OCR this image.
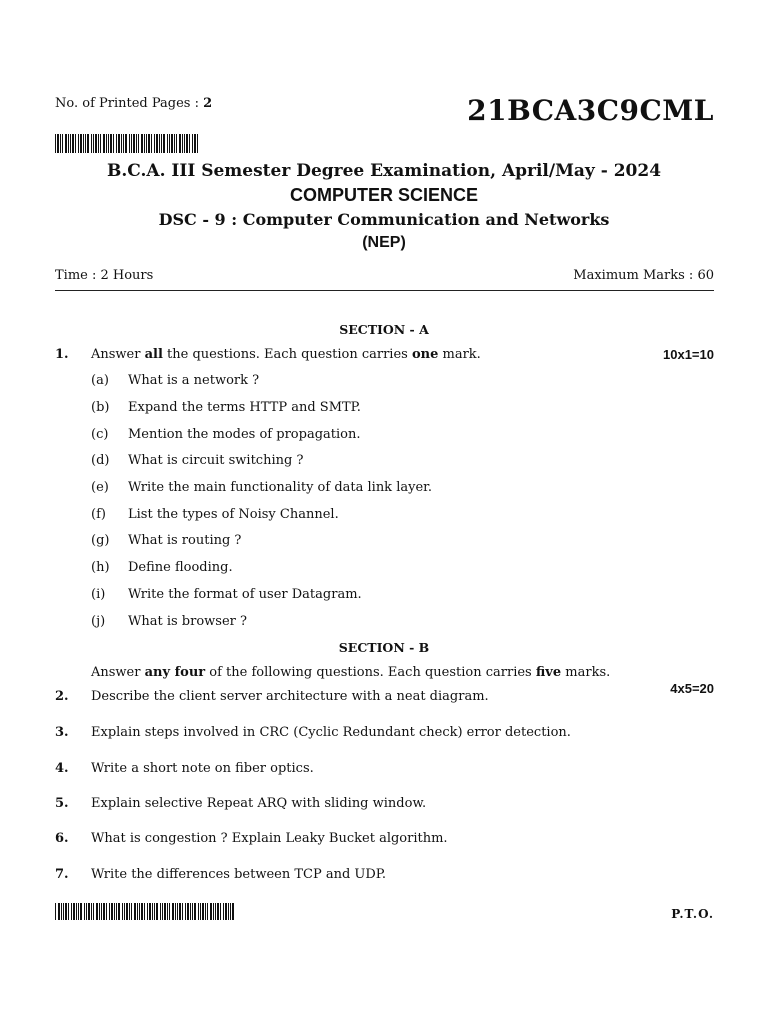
No. of Printed Pages : 2	21BCA3C9CML
B.C.A. III Semester Degree Examination, April/May - 2024
COMPUTER SCIENCE
DSC - 9 : Computer Communication and Networks
(NEP)
Time : 2 Hours	Maximum Marks : 60
SECTION - A
1. Answer all the questions. Each question carries one mark.	10x1=10
(a) What is a network ?
(b) Expand the terms HTTP and SMTP.
(c) Mention the modes of propagation.
(d) What is circuit switching ?
(e) Write the main functionality of data link layer.
(f) List the types of Noisy Channel.
(g) What is routing ?
(h) Define flooding.
(i) Write the format of user Datagram.
(j) What is browser ?
SECTION - B
Answer any four of the following questions. Each question carries five marks.
4x5=20
2. Describe the client server architecture with a neat diagram.
3. Explain steps involved in CRC (Cyclic Redundant check) error detection.
4. Write a short note on fiber optics.
5. Explain selective Repeat ARQ with sliding window.
6. What is congestion ? Explain Leaky Bucket algorithm.
7. Write the differences between TCP and UDP.
P.T.O.
